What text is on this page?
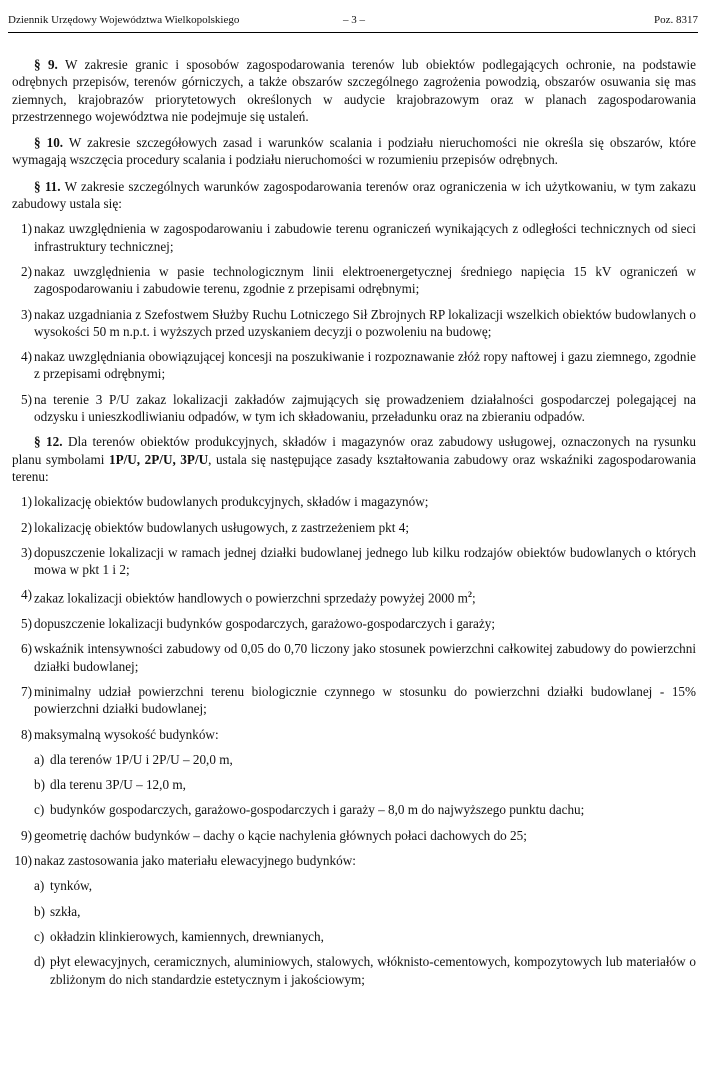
Dziennik Urzędowy Województwa Wielkopolskiego	– 3 –	Poz. 8317

§ 9. W zakresie granic i sposobów zagospodarowania terenów lub obiektów podlegających ochronie, na podstawie odrębnych przepisów, terenów górniczych, a także obszarów szczególnego zagrożenia powodzią, obszarów osuwania się mas ziemnych, krajobrazów priorytetowych określonych w audycie krajobrazowym oraz w planach zagospodarowania przestrzennego województwa nie podejmuje się ustaleń.

§ 10. W zakresie szczegółowych zasad i warunków scalania i podziału nieruchomości nie określa się obszarów, które wymagają wszczęcia procedury scalania i podziału nieruchomości w rozumieniu przepisów odrębnych.

§ 11. W zakresie szczególnych warunków zagospodarowania terenów oraz ograniczenia w ich użytkowaniu, w tym zakazu zabudowy ustala się:

1) nakaz uwzględnienia w zagospodarowaniu i zabudowie terenu ograniczeń wynikających z odległości technicznych od sieci infrastruktury technicznej;
2) nakaz uwzględnienia w pasie technologicznym linii elektroenergetycznej średniego napięcia 15 kV ograniczeń w zagospodarowaniu i zabudowie terenu, zgodnie z przepisami odrębnymi;
3) nakaz uzgadniania z Szefostwem Służby Ruchu Lotniczego Sił Zbrojnych RP lokalizacji wszelkich obiektów budowlanych o wysokości 50 m n.p.t. i wyższych przed uzyskaniem decyzji o pozwoleniu na budowę;
4) nakaz uwzględniania obowiązującej koncesji na poszukiwanie i rozpoznawanie złóż ropy naftowej i gazu ziemnego, zgodnie z przepisami odrębnymi;
5) na terenie 3 P/U zakaz lokalizacji zakładów zajmujących się prowadzeniem działalności gospodarczej polegającej na odzysku i unieszkodliwianiu odpadów, w tym ich składowaniu, przeładunku oraz na zbieraniu odpadów.

§ 12. Dla terenów obiektów produkcyjnych, składów i magazynów oraz zabudowy usługowej, oznaczonych na rysunku planu symbolami 1P/U, 2P/U, 3P/U, ustala się następujące zasady kształtowania zabudowy oraz wskaźniki zagospodarowania terenu:

1) lokalizację obiektów budowlanych produkcyjnych, składów i magazynów;
2) lokalizację obiektów budowlanych usługowych, z zastrzeżeniem pkt 4;
3) dopuszczenie lokalizacji w ramach jednej działki budowlanej jednego lub kilku rodzajów obiektów budowlanych o których mowa w pkt 1 i 2;
4) zakaz lokalizacji obiektów handlowych o powierzchni sprzedaży powyżej 2000 $m^2$;
5) dopuszczenie lokalizacji budynków gospodarczych, garażowo-gospodarczych i garaży;
6) wskaźnik intensywności zabudowy od 0,05 do 0,70 liczony jako stosunek powierzchni całkowitej zabudowy do powierzchni działki budowlanej;
7) minimalny udział powierzchni terenu biologicznie czynnego w stosunku do powierzchni działki budowlanej - 15% powierzchni działki budowlanej;
8) maksymalną wysokość budynków:
a) dla terenów 1P/U i 2P/U – 20,0 m,
b) dla terenu 3P/U – 12,0 m,
c) budynków gospodarczych, garażowo-gospodarczych i garaży – 8,0 m do najwyższego punktu dachu;
9) geometrię dachów budynków – dachy o kącie nachylenia głównych połaci dachowych do 25;
10) nakaz zastosowania jako materiału elewacyjnego budynków:
a) tynków,
b) szkła,
c) okładzin klinkierowych, kamiennych, drewnianych,
d) płyt elewacyjnych, ceramicznych, aluminiowych, stalowych, włóknisto-cementowych, kompozytowych lub materiałów o zbliżonym do nich standardzie estetycznym i jakościowym;
